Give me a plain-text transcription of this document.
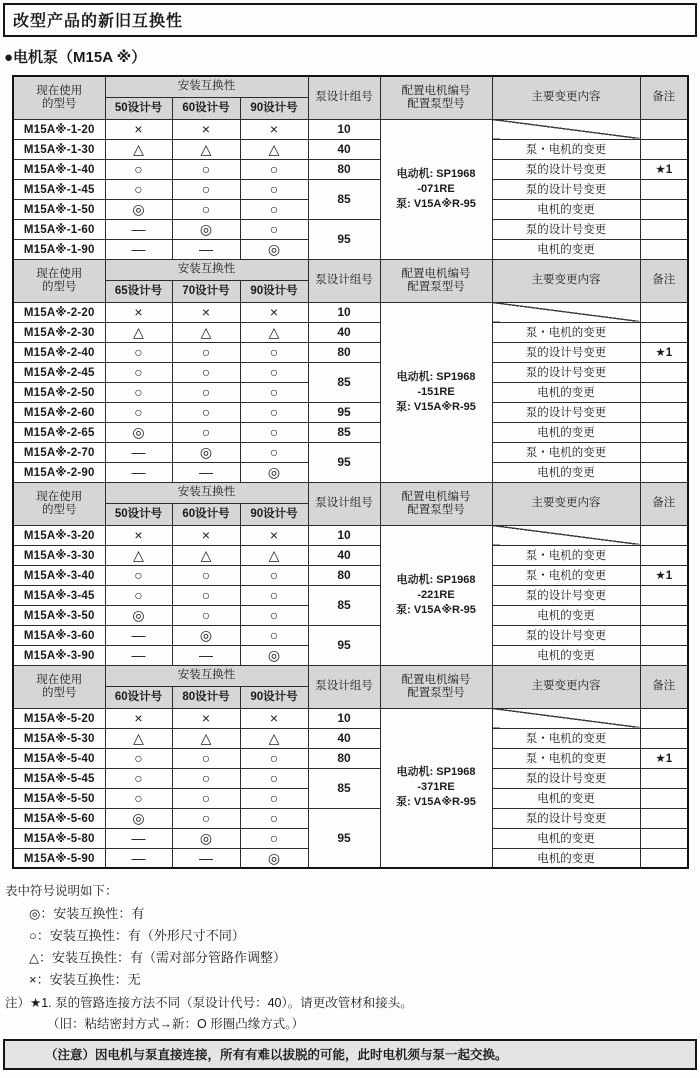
改型产品的新旧互换性
●电机泵（M15A ※）
现在使用
的型号
	安装互换性	泵设计组号	
配置电机编号
配置泵型号
	主要变更内容	备注
	50设计号	60设计号	90设计号				
M15A※-1-20	×	×	×	10	电动机: SP1968
-071RE
泵: V15A※R-95		

M15A※-1-30	△	△	△	40		泵・电机的变更	
M15A※-1-40	○	○	○	80		泵的设计号变更	★1
M15A※-1-45	○	○	○	85		泵的设计号变更	
M15A※-1-50	◎	○	○			电机的变更	
M15A※-1-60	—	◎	○	95		泵的设计号变更	
M15A※-1-90	—	—	◎			电机的变更	

现在使用
的型号
	安装互换性	泵设计组号	
配置电机编号
配置泵型号
	主要变更内容	备注
	65设计号	70设计号	90设计号				
M15A※-2-20	×	×	×	10	电动机: SP1968
-151RE
泵: V15A※R-95		

M15A※-2-30	△	△	△	40		泵・电机的变更	
M15A※-2-40	○	○	○	80		泵的设计号变更	★1
M15A※-2-45	○	○	○	85		泵的设计号变更	
M15A※-2-50	○	○	○			电机的变更	
M15A※-2-60	○	○	○	95		泵的设计号变更	
M15A※-2-65	◎	○	○	85		电机的变更	
M15A※-2-70	—	◎	○	95		泵・电机的变更	
M15A※-2-90	—	—	◎			电机的变更	

现在使用
的型号
	安装互换性	泵设计组号	
配置电机编号
配置泵型号
	主要变更内容	备注
	50设计号	60设计号	90设计号				
M15A※-3-20	×	×	×	10	电动机: SP1968
-221RE
泵: V15A※R-95		

M15A※-3-30	△	△	△	40		泵・电机的变更	
M15A※-3-40	○	○	○	80		泵・电机的变更	★1
M15A※-3-45	○	○	○	85		泵的设计号变更	
M15A※-3-50	◎	○	○			电机的变更	
M15A※-3-60	—	◎	○	95		泵的设计号变更	
M15A※-3-90	—	—	◎			电机的变更	

现在使用
的型号
	安装互换性	泵设计组号	
配置电机编号
配置泵型号
	主要变更内容	备注
	60设计号	80设计号	90设计号				
M15A※-5-20	×	×	×	10	电动机: SP1968
-371RE
泵: V15A※R-95		

M15A※-5-30	△	△	△	40		泵・电机的变更	
M15A※-5-40	○	○	○	80		泵・电机的变更	★1
M15A※-5-45	○	○	○	85		泵的设计号变更	
M15A※-5-50	○	○	○			电机的变更	
M15A※-5-60	◎	○	○	95		泵的设计号变更	
M15A※-5-80	—	◎	○			电机的变更	
M15A※-5-90	—	—	◎			电机的变更	
表中符号说明如下：
◎：安装互换性：有
○：安装互换性：有（外形尺寸不同）
△：安装互换性：有（需对部分管路作调整）
×：安装互换性：无
注）★1. 泵的管路连接方法不同（泵设计代号：40）。请更改管材和接头。
（旧：粘结密封方式→新：O 形圈凸缘方式。）
（注意）因电机与泵直接连接，所有有难以拔脱的可能，此时电机须与泵一起交换。
